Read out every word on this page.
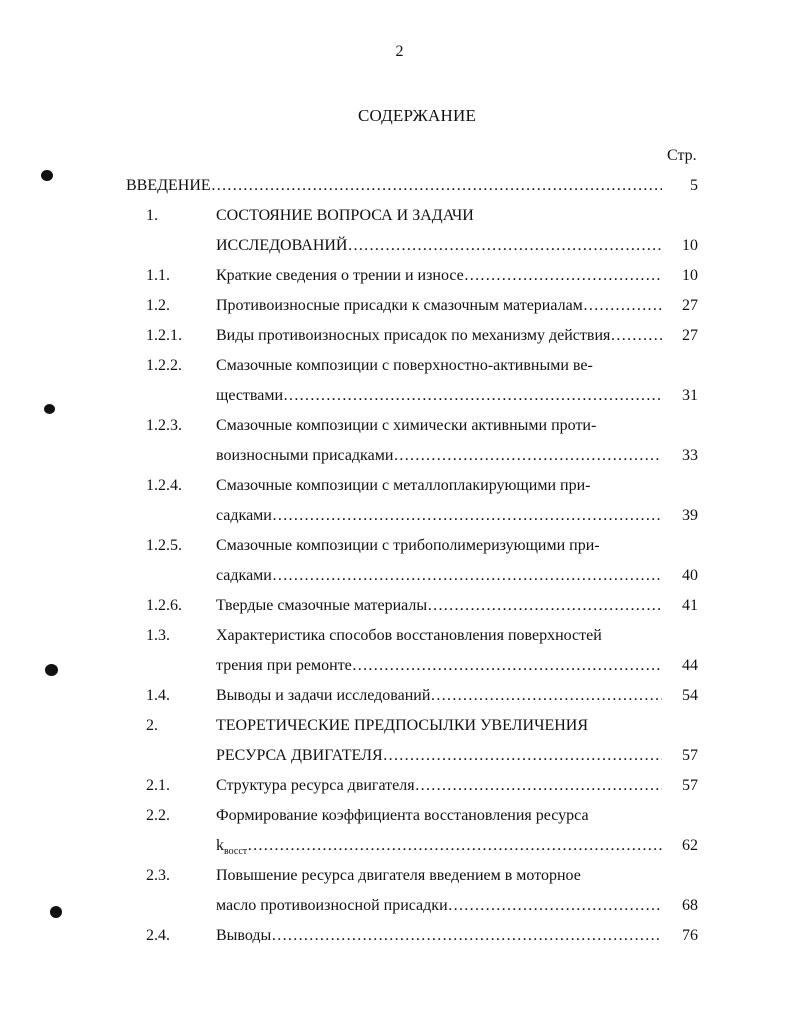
2
СОДЕРЖАНИЕ
Стр.
ВВЕДЕНИЕ ……………………………………………………………………………………………………………………………………………………………………………	5
1.	СОСТОЯНИЕ ВОПРОСА И ЗАДАЧИ
ИССЛЕДОВАНИЙ ……………………………………………………………………………………………………………………………………………………………………………	10
1.1.	Краткие сведения о трении и износе ……………………………………………………………………………………………………………………………………………………………………………	10
1.2.	Противоизносные присадки к смазочным материалам ……………………………………………………………………………………………………………………………………………………………………………	27
1.2.1. Виды противоизносных присадок по механизму действия ……………………………………………………………………………………………………………………………………………………………………………	27
1.2.2. Смазочные композиции с поверхностно-активными ве-
ществами ……………………………………………………………………………………………………………………………………………………………………………	31
1.2.3. Смазочные композиции с химически активными проти-
воизносными присадками ……………………………………………………………………………………………………………………………………………………………………………	33
1.2.4. Смазочные композиции с металлоплакирующими при-
садками ……………………………………………………………………………………………………………………………………………………………………………	39
1.2.5. Смазочные композиции с трибополимеризующими при-
садками ……………………………………………………………………………………………………………………………………………………………………………	40
1.2.6. Твердые смазочные материалы ……………………………………………………………………………………………………………………………………………………………………………	41
1.3.	Характеристика способов восстановления поверхностей
трения при ремонте ……………………………………………………………………………………………………………………………………………………………………………	44
1.4.	Выводы и задачи исследований ……………………………………………………………………………………………………………………………………………………………………………	54
2.	ТЕОРЕТИЧЕСКИЕ ПРЕДПОСЫЛКИ УВЕЛИЧЕНИЯ
РЕСУРСА ДВИГАТЕЛЯ ……………………………………………………………………………………………………………………………………………………………………………	57
2.1.	Структура ресурса двигателя ……………………………………………………………………………………………………………………………………………………………………………	57
2.2.	Формирование коэффициента восстановления ресурса
$k_{восст}$ ……………………………………………………………………………………………………………………………………………………………………………	62
2.3.	Повышение ресурса двигателя введением в моторное
масло противоизносной присадки ……………………………………………………………………………………………………………………………………………………………………………	68
2.4.	Выводы ……………………………………………………………………………………………………………………………………………………………………………	76
